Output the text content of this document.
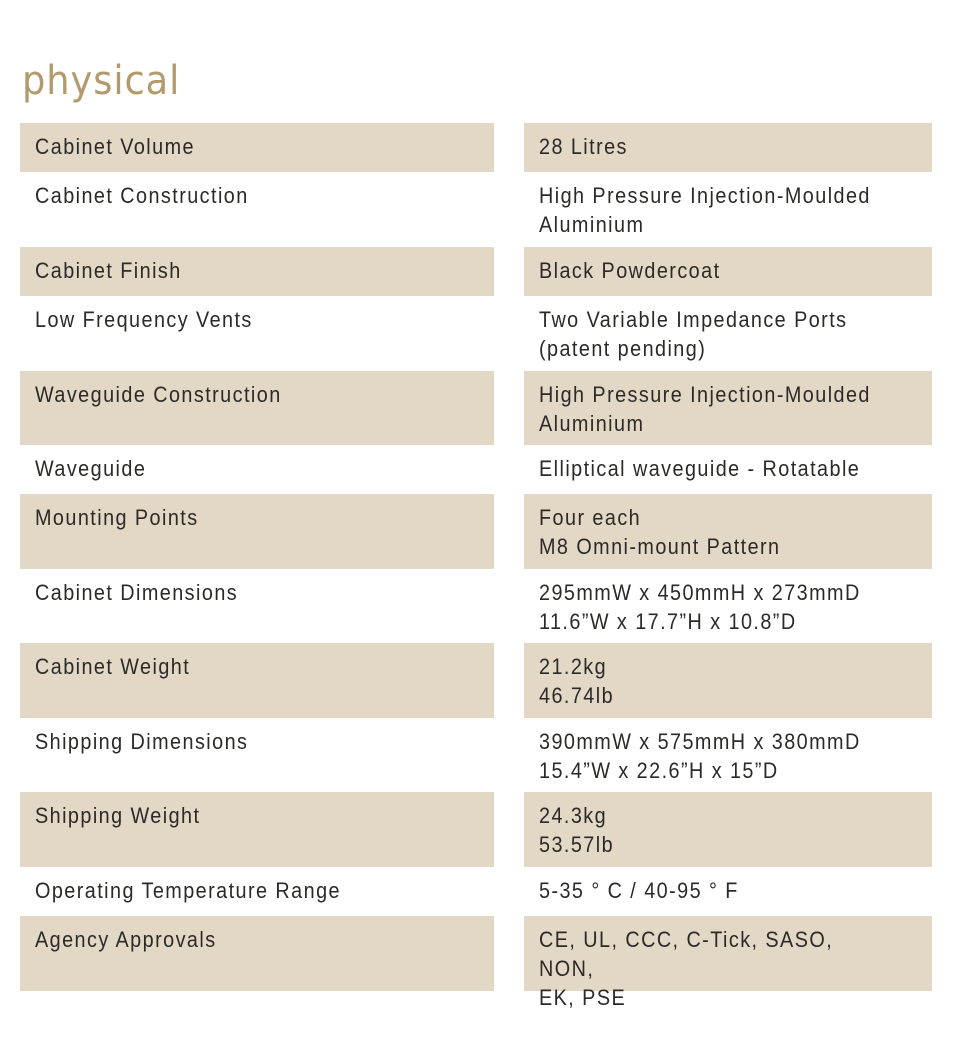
physical
Cabinet Volume	28 Litres
Cabinet Construction	High Pressure Injection-Moulded
Aluminium
Cabinet Finish	Black Powdercoat
Low Frequency Vents	Two Variable Impedance Ports
(patent pending)
Waveguide Construction	High Pressure Injection-Moulded
Aluminium
Waveguide	Elliptical waveguide - Rotatable
Mounting Points	Four each
M8 Omni-mount Pattern
Cabinet Dimensions	295mmW x 450mmH x 273mmD
11.6”W x 17.7”H x 10.8”D
Cabinet Weight	21.2kg
46.74lb
Shipping Dimensions	390mmW x 575mmH x 380mmD
15.4”W x 22.6”H x 15”D
Shipping Weight	24.3kg
53.57lb
Operating Temperature Range	5-35 ° C / 40-95 ° F
Agency Approvals	CE, UL, CCC, C-Tick, SASO, NON,
EK, PSE
